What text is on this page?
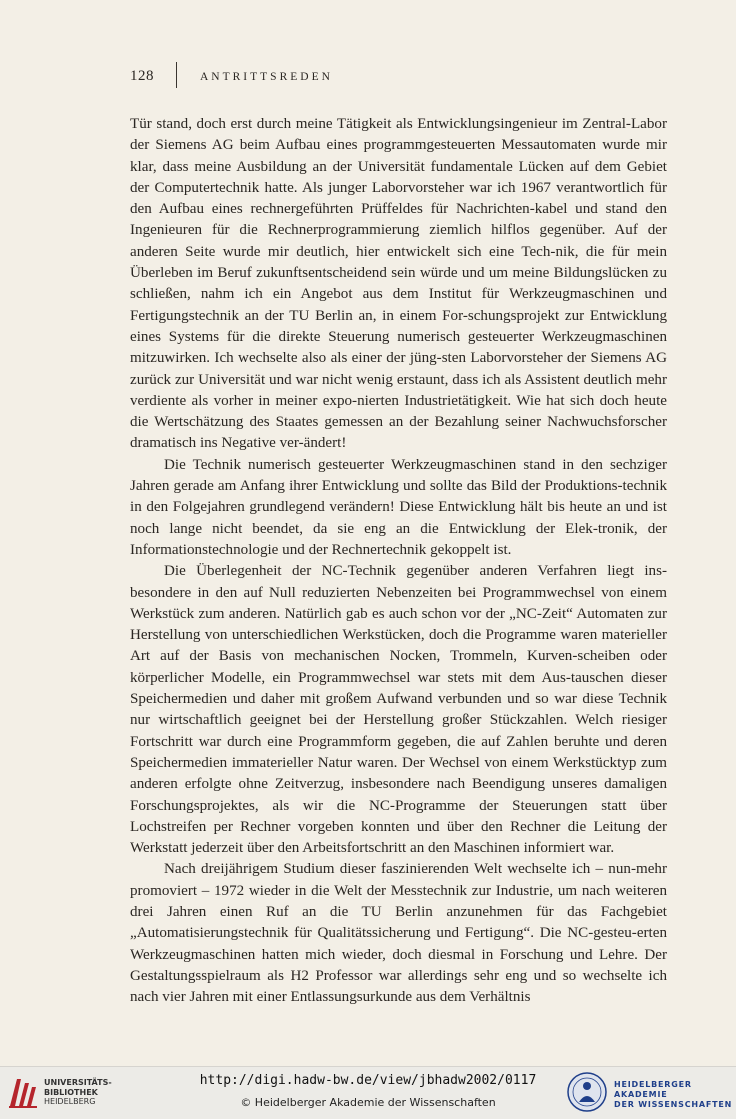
128	ANTRITTSREDEN

Tür stand, doch erst durch meine Tätigkeit als Entwicklungsingenieur im Zentral-Labor der Siemens AG beim Aufbau eines programmgesteuerten Messautomaten wurde mir klar, dass meine Ausbildung an der Universität fundamentale Lücken auf dem Gebiet der Computertechnik hatte. Als junger Laborvorsteher war ich 1967 verantwortlich für den Aufbau eines rechnergeführten Prüffeldes für Nachrichten-kabel und stand den Ingenieuren für die Rechnerprogrammierung ziemlich hilflos gegenüber. Auf der anderen Seite wurde mir deutlich, hier entwickelt sich eine Tech-nik, die für mein Überleben im Beruf zukunftsentscheidend sein würde und um meine Bildungslücken zu schließen, nahm ich ein Angebot aus dem Institut für Werkzeugmaschinen und Fertigungstechnik an der TU Berlin an, in einem For-schungsprojekt zur Entwicklung eines Systems für die direkte Steuerung numerisch gesteuerter Werkzeugmaschinen mitzuwirken. Ich wechselte also als einer der jüng-sten Laborvorsteher der Siemens AG zurück zur Universität und war nicht wenig erstaunt, dass ich als Assistent deutlich mehr verdiente als vorher in meiner expo-nierten Industrietätigkeit. Wie hat sich doch heute die Wertschätzung des Staates gemessen an der Bezahlung seiner Nachwuchsforscher dramatisch ins Negative ver-ändert!

Die Technik numerisch gesteuerter Werkzeugmaschinen stand in den sechziger Jahren gerade am Anfang ihrer Entwicklung und sollte das Bild der Produktions-technik in den Folgejahren grundlegend verändern! Diese Entwicklung hält bis heute an und ist noch lange nicht beendet, da sie eng an die Entwicklung der Elek-tronik, der Informationstechnologie und der Rechnertechnik gekoppelt ist.

Die Überlegenheit der NC-Technik gegenüber anderen Verfahren liegt ins-besondere in den auf Null reduzierten Nebenzeiten bei Programmwechsel von einem Werkstück zum anderen. Natürlich gab es auch schon vor der „NC-Zeit“ Automaten zur Herstellung von unterschiedlichen Werkstücken, doch die Programme waren materieller Art auf der Basis von mechanischen Nocken, Trommeln, Kurven-scheiben oder körperlicher Modelle, ein Programmwechsel war stets mit dem Aus-tauschen dieser Speichermedien und daher mit großem Aufwand verbunden und so war diese Technik nur wirtschaftlich geeignet bei der Herstellung großer Stückzahlen. Welch riesiger Fortschritt war durch eine Programmform gegeben, die auf Zahlen beruhte und deren Speichermedien immaterieller Natur waren. Der Wechsel von einem Werkstücktyp zum anderen erfolgte ohne Zeitverzug, insbesondere nach Beendigung unseres damaligen Forschungsprojektes, als wir die NC-Programme der Steuerungen statt über Lochstreifen per Rechner vorgeben konnten und über den Rechner die Leitung der Werkstatt jederzeit über den Arbeitsfortschritt an den Maschinen informiert war.

Nach dreijährigem Studium dieser faszinierenden Welt wechselte ich – nun-mehr promoviert – 1972 wieder in die Welt der Messtechnik zur Industrie, um nach weiteren drei Jahren einen Ruf an die TU Berlin anzunehmen für das Fachgebiet „Automatisierungstechnik für Qualitätssicherung und Fertigung“. Die NC-gesteu-erten Werkzeugmaschinen hatten mich wieder, doch diesmal in Forschung und Lehre. Der Gestaltungsspielraum als H2 Professor war allerdings sehr eng und so wechselte ich nach vier Jahren mit einer Entlassungsurkunde aus dem Verhältnis

UNIVERSITÄTS-
BIBLIOTHEK
HEIDELBERG
http://digi.hadw-bw.de/view/jbhadw2002/0117
© Heidelberger Akademie der Wissenschaften
HEIDELBERGER AKADEMIE
DER WISSENSCHAFTEN
